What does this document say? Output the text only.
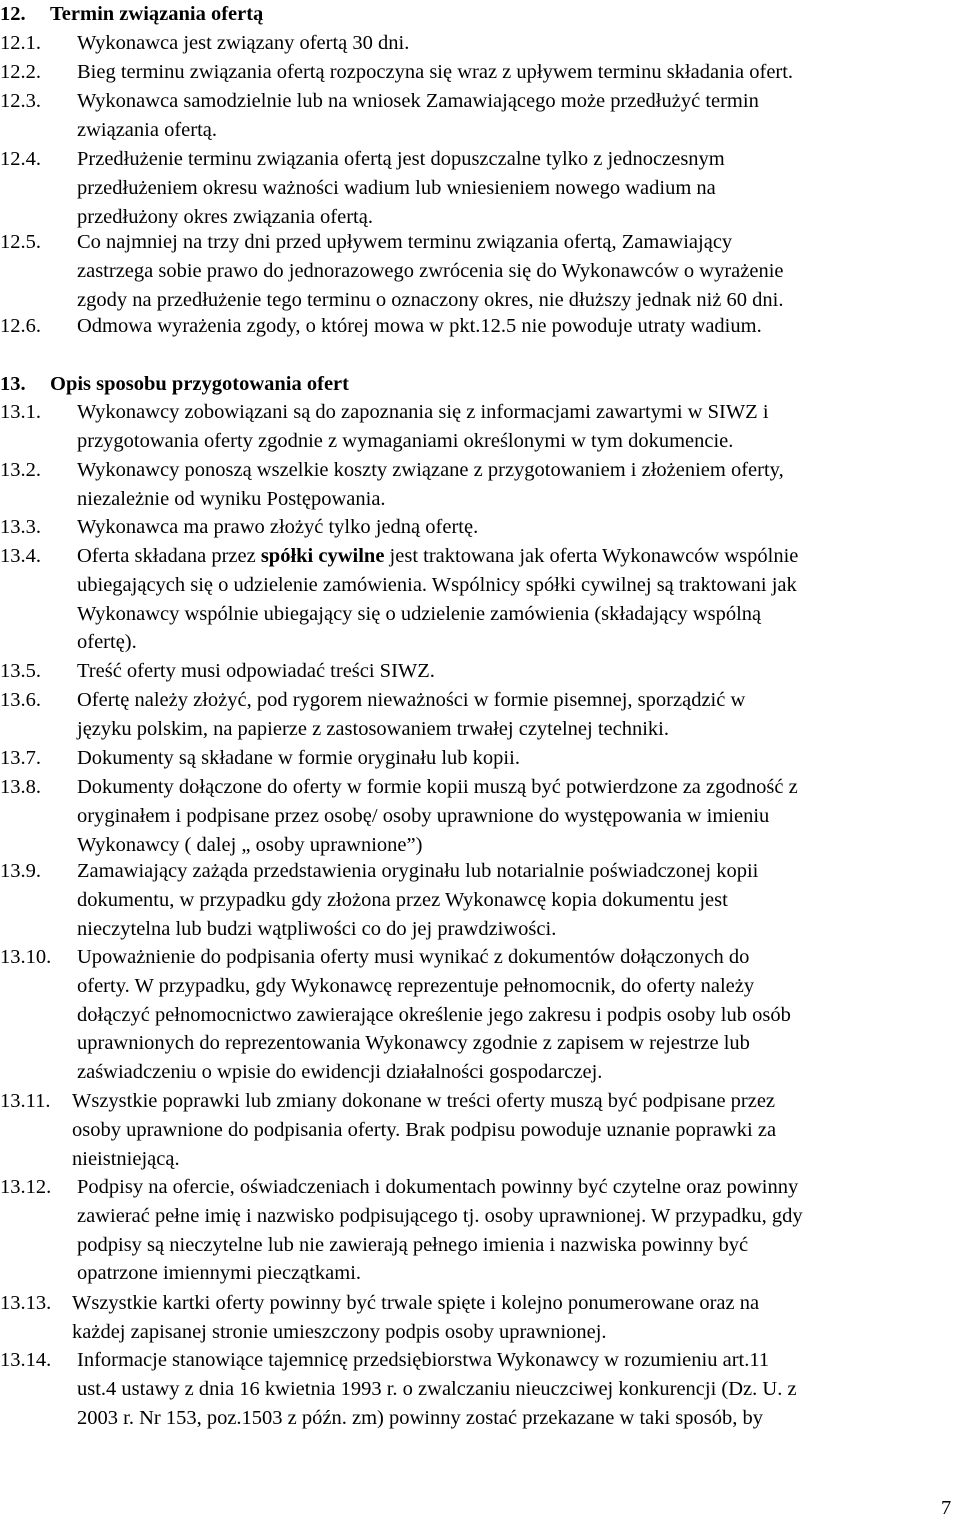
12. Termin związania ofertą
12.1. Wykonawca jest związany ofertą 30 dni.
12.2. Bieg terminu związania ofertą rozpoczyna się wraz z upływem terminu składania ofert.
12.3. Wykonawca samodzielnie lub na wniosek Zamawiającego może przedłużyć termin
związania ofertą.
12.4. Przedłużenie terminu związania ofertą jest dopuszczalne tylko z jednoczesnym
przedłużeniem okresu ważności wadium lub wniesieniem nowego wadium na
przedłużony okres związania ofertą.
12.5. Co najmniej na trzy dni przed upływem terminu związania ofertą, Zamawiający
zastrzega sobie prawo do jednorazowego zwrócenia się do Wykonawców o wyrażenie
zgody na przedłużenie tego terminu o oznaczony okres, nie dłuższy jednak niż 60 dni.
12.6. Odmowa wyrażenia zgody, o której mowa w pkt.12.5 nie powoduje utraty wadium.
13. Opis sposobu przygotowania ofert
13.1. Wykonawcy zobowiązani są do zapoznania się z informacjami zawartymi w SIWZ i
przygotowania oferty zgodnie z wymaganiami określonymi w tym dokumencie.
13.2. Wykonawcy ponoszą wszelkie koszty związane z przygotowaniem i złożeniem oferty,
niezależnie od wyniku Postępowania.
13.3. Wykonawca ma prawo złożyć tylko jedną ofertę.
13.4. Oferta składana przez spółki cywilne jest traktowana jak oferta Wykonawców wspólnie
ubiegających się o udzielenie zamówienia. Wspólnicy spółki cywilnej są traktowani jak
Wykonawcy wspólnie ubiegający się o udzielenie zamówienia (składający wspólną
ofertę).
13.5. Treść oferty musi odpowiadać treści SIWZ.
13.6. Ofertę należy złożyć, pod rygorem nieważności w formie pisemnej, sporządzić w
języku polskim, na papierze z zastosowaniem trwałej czytelnej techniki.
13.7. Dokumenty są składane w formie oryginału lub kopii.
13.8. Dokumenty dołączone do oferty w formie kopii muszą być potwierdzone za zgodność z
oryginałem i podpisane przez osobę/ osoby uprawnione do występowania w imieniu
Wykonawcy ( dalej „ osoby uprawnione”)
13.9. Zamawiający zażąda przedstawienia oryginału lub notarialnie poświadczonej kopii
dokumentu, w przypadku gdy złożona przez Wykonawcę kopia dokumentu jest
nieczytelna lub budzi wątpliwości co do jej prawdziwości.
13.10. Upoważnienie do podpisania oferty musi wynikać z dokumentów dołączonych do
oferty. W przypadku, gdy Wykonawcę reprezentuje pełnomocnik, do oferty należy
dołączyć pełnomocnictwo zawierające określenie jego zakresu i podpis osoby lub osób
uprawnionych do reprezentowania Wykonawcy zgodnie z zapisem w rejestrze lub
zaświadczeniu o wpisie do ewidencji działalności gospodarczej.
13.11. Wszystkie poprawki lub zmiany dokonane w treści oferty muszą być podpisane przez
osoby uprawnione do podpisania oferty. Brak podpisu powoduje uznanie poprawki za
nieistniejącą.
13.12. Podpisy na ofercie, oświadczeniach i dokumentach powinny być czytelne oraz powinny
zawierać pełne imię i nazwisko podpisującego tj. osoby uprawnionej. W przypadku, gdy
podpisy są nieczytelne lub nie zawierają pełnego imienia i nazwiska powinny być
opatrzone imiennymi pieczątkami.
13.13. Wszystkie kartki oferty powinny być trwale spięte i kolejno ponumerowane oraz na
każdej zapisanej stronie umieszczony podpis osoby uprawnionej.
13.14. Informacje stanowiące tajemnicę przedsiębiorstwa Wykonawcy w rozumieniu art.11
ust.4 ustawy z dnia 16 kwietnia 1993 r. o zwalczaniu nieuczciwej konkurencji (Dz. U. z
2003 r. Nr 153, poz.1503 z późn. zm) powinny zostać przekazane w taki sposób, by
7
